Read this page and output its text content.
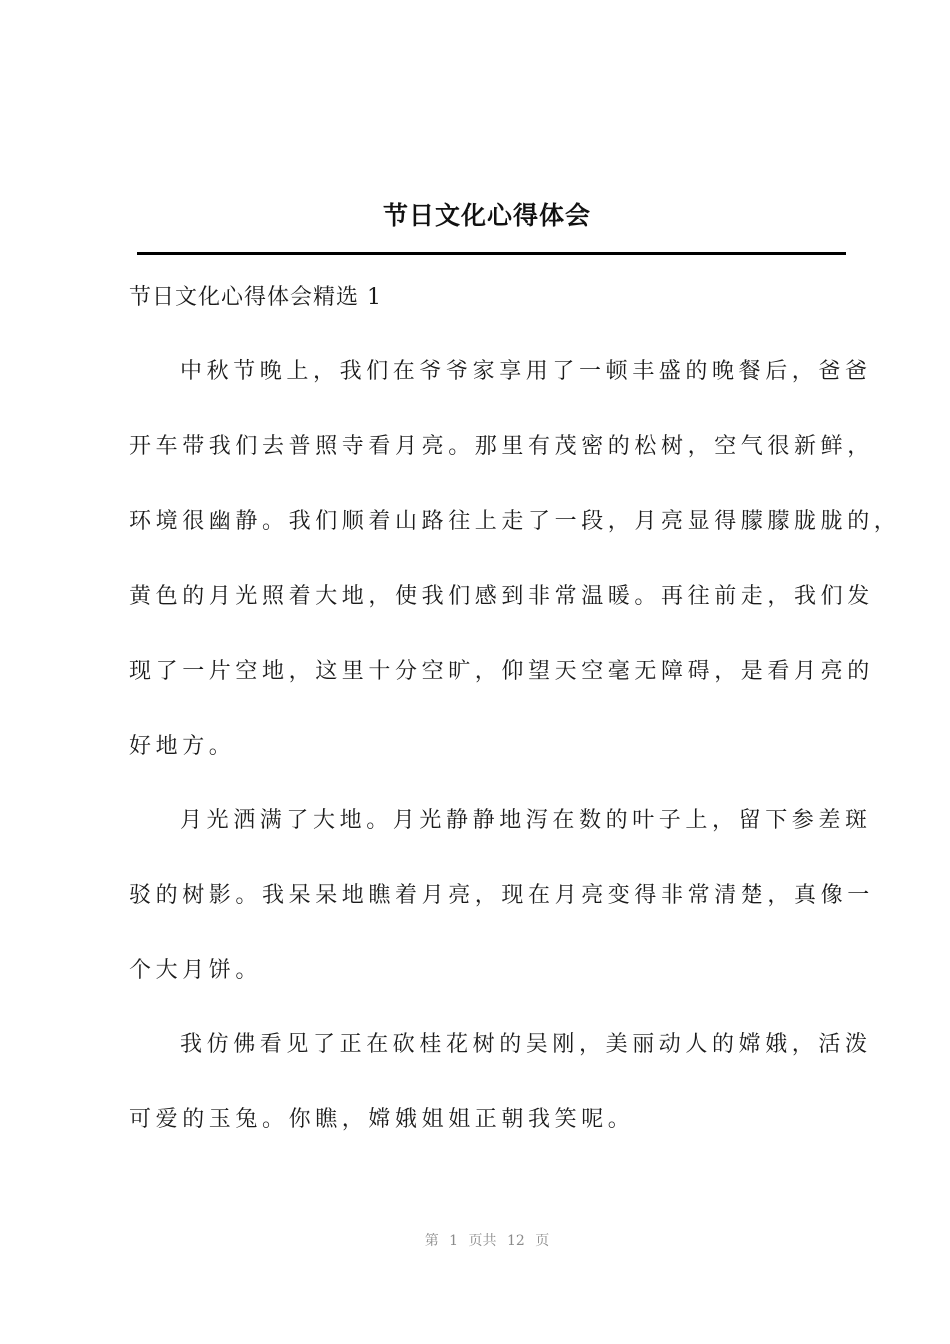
节日文化心得体会
节日文化心得体会精选 1
中秋节晚上，我们在爷爷家享用了一顿丰盛的晚餐后，爸爸
开车带我们去普照寺看月亮。那里有茂密的松树，空气很新鲜，
环境很幽静。我们顺着山路往上走了一段，月亮显得朦朦胧胧的，
黄色的月光照着大地，使我们感到非常温暖。再往前走，我们发
现了一片空地，这里十分空旷，仰望天空毫无障碍，是看月亮的
好地方。
月光洒满了大地。月光静静地泻在数的叶子上，留下参差斑
驳的树影。我呆呆地瞧着月亮，现在月亮变得非常清楚，真像一
个大月饼。
我仿佛看见了正在砍桂花树的吴刚，美丽动人的嫦娥，活泼
可爱的玉兔。你瞧，嫦娥姐姐正朝我笑呢。
第 1 页共 12 页
